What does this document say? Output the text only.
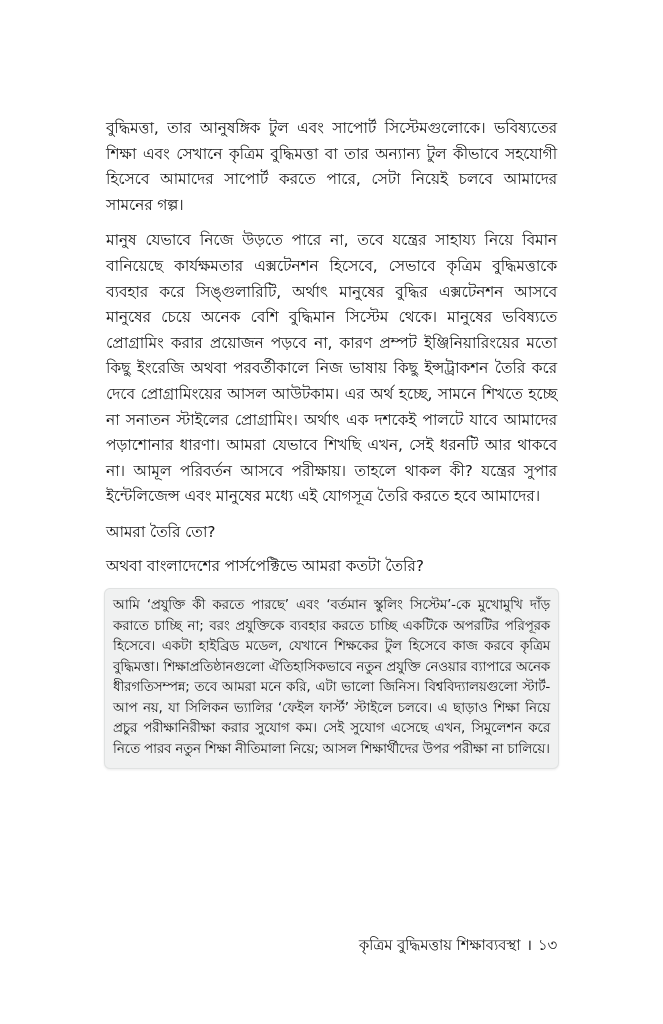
বুদ্ধিমত্তা, তার আনুষঙ্গিক টুল এবং সাপোর্ট সিস্টেমগুলোকে। ভবিষ্যতের শিক্ষা এবং সেখানে কৃত্রিম বুদ্ধিমত্তা বা তার অন্যান্য টুল কীভাবে সহযোগী হিসেবে আমাদের সাপোর্ট করতে পারে, সেটা নিয়েই চলবে আমাদের সামনের গল্প।

মানুষ যেভাবে নিজে উড়তে পারে না, তবে যন্ত্রের সাহায্য নিয়ে বিমান বানিয়েছে কার্যক্ষমতার এক্সটেনশন হিসেবে, সেভাবে কৃত্রিম বুদ্ধিমত্তাকে ব্যবহার করে সিঙ্গুলারিটি, অর্থাৎ মানুষের বুদ্ধির এক্সটেনশন আসবে মানুষের চেয়ে অনেক বেশি বুদ্ধিমান সিস্টেম থেকে। মানুষের ভবিষ্যতে প্রোগ্রামিং করার প্রয়োজন পড়বে না, কারণ প্রম্পট ইঞ্জিনিয়ারিংয়ের মতো কিছু ইংরেজি অথবা পরবর্তীকালে নিজ ভাষায় কিছু ইন্সট্রাকশন তৈরি করে দেবে প্রোগ্রামিংয়ের আসল আউটকাম। এর অর্থ হচ্ছে, সামনে শিখতে হচ্ছে না সনাতন স্টাইলের প্রোগ্রামিং। অর্থাৎ এক দশকেই পালটে যাবে আমাদের পড়াশোনার ধারণা। আমরা যেভাবে শিখছি এখন, সেই ধরনটি আর থাকবে না। আমূল পরিবর্তন আসবে পরীক্ষায়। তাহলে থাকল কী? যন্ত্রের সুপার ইন্টেলিজেন্স এবং মানুষের মধ্যে এই যোগসূত্র তৈরি করতে হবে আমাদের।

আমরা তৈরি তো?

অথবা বাংলাদেশের পার্সপেক্টিভে আমরা কতটা তৈরি?

আমি ‘প্রযুক্তি কী করতে পারছে’ এবং ‘বর্তমান স্কুলিং সিস্টেম’-কে মুখোমুখি দাঁড় করাতে চাচ্ছি না; বরং প্রযুক্তিকে ব্যবহার করতে চাচ্ছি একটিকে অপরটির পরিপূরক হিসেবে। একটা হাইব্রিড মডেল, যেখানে শিক্ষকের টুল হিসেবে কাজ করবে কৃত্রিম বুদ্ধিমত্তা। শিক্ষাপ্রতিষ্ঠানগুলো ঐতিহাসিকভাবে নতুন প্রযুক্তি নেওয়ার ব্যাপারে অনেক ধীরগতিসম্পন্ন; তবে আমরা মনে করি, এটা ভালো জিনিস। বিশ্ববিদ্যালয়গুলো স্টার্ট-আপ নয়, যা সিলিকন ভ্যালির ‘ফেইল ফার্স্ট’ স্টাইলে চলবে। এ ছাড়াও শিক্ষা নিয়ে প্রচুর পরীক্ষানিরীক্ষা করার সুযোগ কম। সেই সুযোগ এসেছে এখন, সিমুলেশন করে নিতে পারব নতুন শিক্ষা নীতিমালা নিয়ে; আসল শিক্ষার্থীদের উপর পরীক্ষা না চালিয়ে।

কৃত্রিম বুদ্ধিমত্তায় শিক্ষাব্যবস্থা । ১৩
